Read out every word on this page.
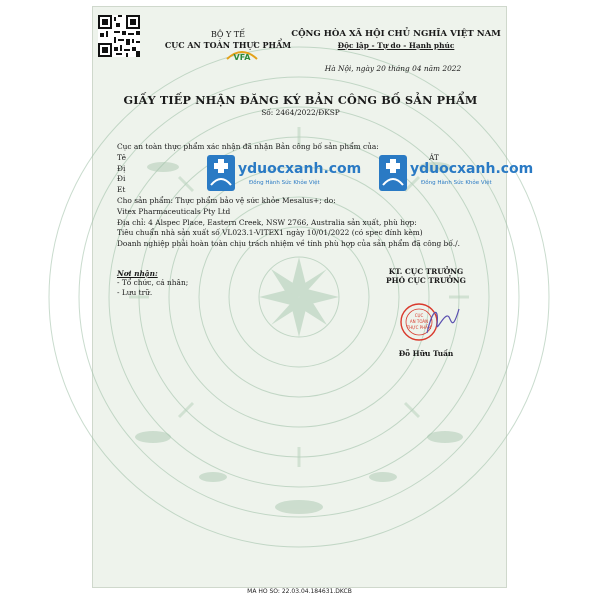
BỘ Y TẾ
CỤC AN TOÀN THỰC PHẨM
VFA
CỘNG HÒA XÃ HỘI CHỦ NGHĨA VIỆT NAM
Độc lập - Tự do - Hạnh phúc
Hà Nội, ngày 20 tháng 04 năm 2022
GIẤY TIẾP NHẬN ĐĂNG KÝ BẢN CÔNG BỐ SẢN PHẨM
Số: 2464/2022/ĐKSP
Cục an toàn thực phẩm xác nhận đã nhận Bản công bố sản phẩm của:
Tê	ÁT
Đị
Đi
Et
Cho sản phẩm: Thực phẩm bảo vệ sức khỏe Mesalus+; do:
Vitex Pharmaceuticals Pty Ltd
Địa chỉ: 4 Alspec Place, Eastern Creek, NSW 2766, Australia sản xuất, phù hợp:
Tiêu chuẩn nhà sản xuất số VL023.1-VITEX1 ngày 10/01/2022 (có spec đính kèm)
Doanh nghiệp phải hoàn toàn chịu trách nhiệm về tính phù hợp của sản phẩm đã công bố./.
yduocxanh.com
Đồng Hành Sức Khỏe Việt
yduocxanh.com
Đồng Hành Sức Khỏe Việt
Nơi nhận:
- Tổ chức, cá nhân;
- Lưu trữ.
KT. CỤC TRƯỞNG
PHÓ CỤC TRƯỞNG
CỤC
AN TOÀN
THỰC PHẨM
Đỗ Hữu Tuấn
MA HO SO: 22.03.04.184631.DKCB
